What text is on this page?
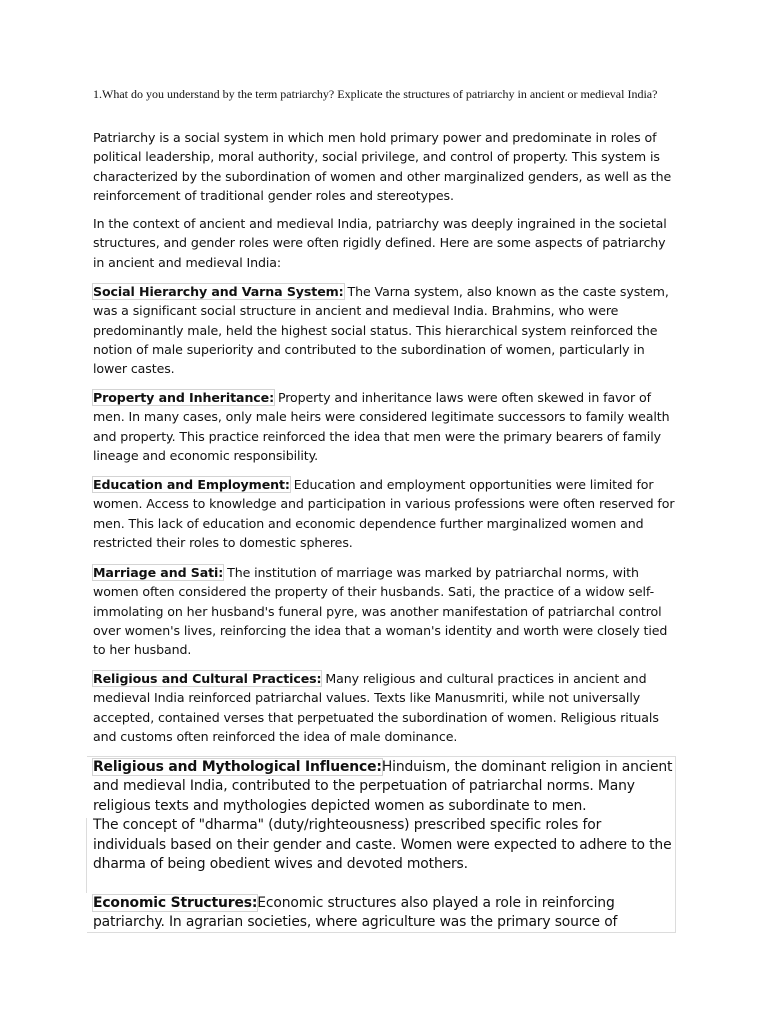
1.What do you understand by the term patriarchy? Explicate the structures of patriarchy in ancient or medieval India?

Patriarchy is a social system in which men hold primary power and predominate in roles of political leadership, moral authority, social privilege, and control of property. This system is characterized by the subordination of women and other marginalized genders, as well as the reinforcement of traditional gender roles and stereotypes.

In the context of ancient and medieval India, patriarchy was deeply ingrained in the societal structures, and gender roles were often rigidly defined. Here are some aspects of patriarchy in ancient and medieval India:

Social Hierarchy and Varna System: The Varna system, also known as the caste system, was a significant social structure in ancient and medieval India. Brahmins, who were predominantly male, held the highest social status. This hierarchical system reinforced the notion of male superiority and contributed to the subordination of women, particularly in lower castes.

Property and Inheritance: Property and inheritance laws were often skewed in favor of men. In many cases, only male heirs were considered legitimate successors to family wealth and property. This practice reinforced the idea that men were the primary bearers of family lineage and economic responsibility.

Education and Employment: Education and employment opportunities were limited for women. Access to knowledge and participation in various professions were often reserved for men. This lack of education and economic dependence further marginalized women and restricted their roles to domestic spheres.

Marriage and Sati: The institution of marriage was marked by patriarchal norms, with women often considered the property of their husbands. Sati, the practice of a widow self-immolating on her husband's funeral pyre, was another manifestation of patriarchal control over women's lives, reinforcing the idea that a woman's identity and worth were closely tied to her husband.

Religious and Cultural Practices: Many religious and cultural practices in ancient and medieval India reinforced patriarchal values. Texts like Manusmriti, while not universally accepted, contained verses that perpetuated the subordination of women. Religious rituals and customs often reinforced the idea of male dominance.

Religious and Mythological Influence:Hinduism, the dominant religion in ancient and medieval India, contributed to the perpetuation of patriarchal norms. Many religious texts and mythologies depicted women as subordinate to men.
The concept of "dharma" (duty/righteousness) prescribed specific roles for individuals based on their gender and caste. Women were expected to adhere to the dharma of being obedient wives and devoted mothers.

Economic Structures:Economic structures also played a role in reinforcing patriarchy. In agrarian societies, where agriculture was the primary source of
